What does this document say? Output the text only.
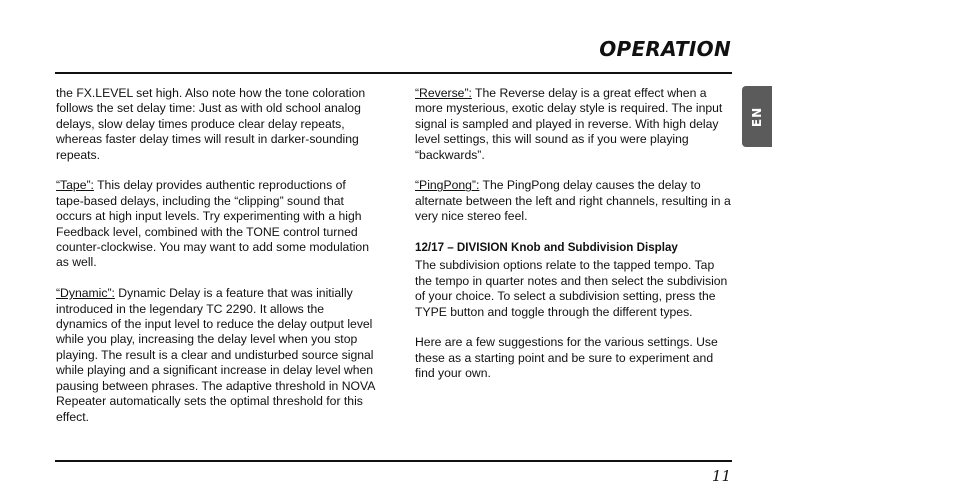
OPERATION
EN

the FX.LEVEL set high. Also note how the tone coloration follows the set delay time: Just as with old school analog delays, slow delay times produce clear delay repeats, whereas faster delay times will result in darker-sounding repeats.

“Tape”: This delay provides authentic reproductions of tape-based delays, including the “clipping” sound that occurs at high input levels. Try experimenting with a high Feedback level, combined with the TONE control turned counter-clockwise. You may want to add some modulation as well.

“Dynamic”: Dynamic Delay is a feature that was initially introduced in the legendary TC 2290. It allows the dynamics of the input level to reduce the delay output level while you play, increasing the delay level when you stop playing. The result is a clear and undisturbed source signal while playing and a significant increase in delay level when pausing between phrases. The adaptive threshold in NOVA Repeater automatically sets the optimal threshold for this effect.

“Reverse”: The Reverse delay is a great effect when a more mysterious, exotic delay style is required. The input signal is sampled and played in reverse. With high delay level settings, this will sound as if you were playing “backwards”.

“PingPong”: The PingPong delay causes the delay to alternate between the left and right channels, resulting in a very nice stereo feel.

12/17 – DIVISION Knob and Subdivision Display

The subdivision options relate to the tapped tempo. Tap the tempo in quarter notes and then select the subdivision of your choice. To select a subdivision setting, press the TYPE button and toggle through the different types.

Here are a few suggestions for the various settings. Use these as a starting point and be sure to experiment and find your own.

11
